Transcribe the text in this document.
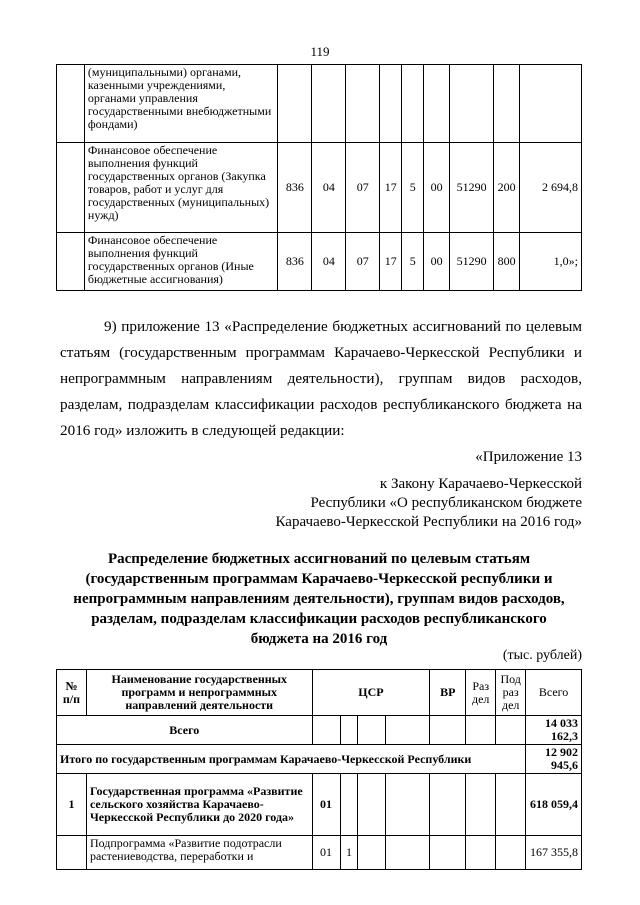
119
	(муниципальными) органами, казенными учреждениями, органами управления государственными внебюджетными фондами)									
	Финансовое обеспечение выполнения функций государственных органов (Закупка товаров, работ и услуг для государственных (муниципальных) нужд)	836	04	07	17	5	00	51290	200	2 694,8
	Финансовое обеспечение выполнения функций государственных органов (Иные бюджетные ассигнования)	836	04	07	17	5	00	51290	800	1,0»;
9) приложение 13 «Распределение бюджетных ассигнований по целевым
статьям (государственным программам Карачаево-Черкесской Республики и
непрограммным направлениям деятельности), группам видов расходов,
разделам, подразделам классификации расходов республиканского бюджета на
2016 год» изложить в следующей редакции:
«Приложение 13
к Закону Карачаево-Черкесской
Республики «О республиканском бюджете
Карачаево-Черкесской Республики на 2016 год»
Распределение бюджетных ассигнований по целевым статьям
(государственным программам Карачаево-Черкесской республики и
непрограммным направлениям деятельности), группам видов расходов,
разделам, подразделам классификации расходов республиканского
бюджета на 2016 год
(тыс. рублей)
№ п/п	Наименование государственных программ и непрограммных направлений деятельности	ЦСР				ВР	Раз дел	Под раз дел	Всего
Всего									14 033 162,3
Итого по государственным программам Карачаево-Черкесской Республики									12 902 945,6
1	Государственная программа «Развитие сельского хозяйства Карачаево-Черкесской Республики до 2020 года»	01							618 059,4
	Подпрограмма «Развитие подотрасли растениеводства, переработки и	01	1						167 355,8
